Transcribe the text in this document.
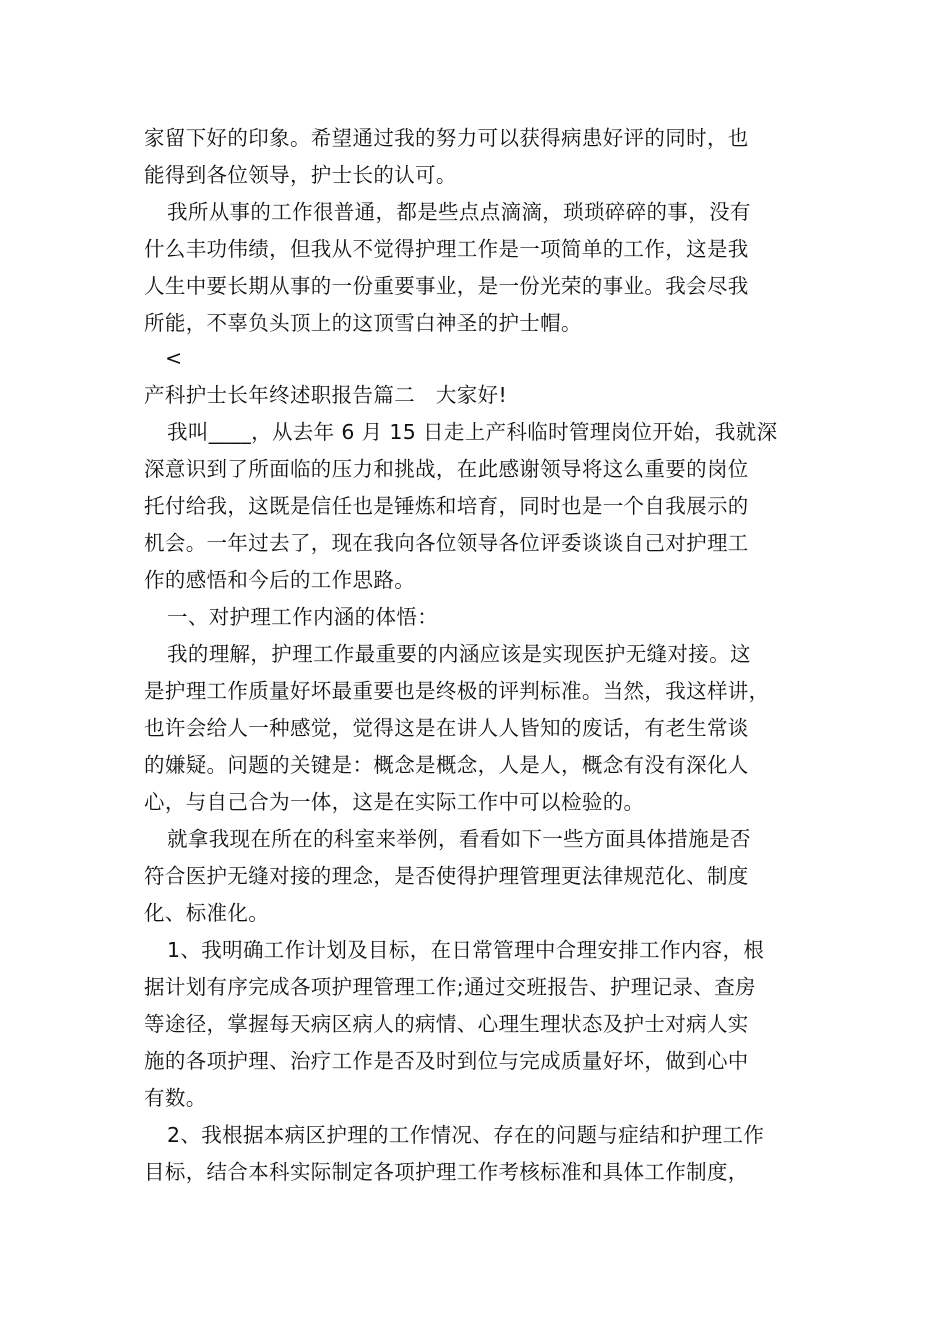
家留下好的印象。希望通过我的努力可以获得病患好评的同时，也
能得到各位领导，护士长的认可。
我所从事的工作很普通，都是些点点滴滴，琐琐碎碎的事，没有
什么丰功伟绩，但我从不觉得护理工作是一项简单的工作，这是我
人生中要长期从事的一份重要事业，是一份光荣的事业。我会尽我
所能，不辜负头顶上的这顶雪白神圣的护士帽。
<
产科护士长年终述职报告篇二　大家好!
我叫____，从去年 6 月 15 日走上产科临时管理岗位开始，我就深
深意识到了所面临的压力和挑战，在此感谢领导将这么重要的岗位
托付给我，这既是信任也是锤炼和培育，同时也是一个自我展示的
机会。一年过去了，现在我向各位领导各位评委谈谈自己对护理工
作的感悟和今后的工作思路。
一、对护理工作内涵的体悟：
我的理解，护理工作最重要的内涵应该是实现医护无缝对接。这
是护理工作质量好坏最重要也是终极的评判标准。当然，我这样讲，
也许会给人一种感觉，觉得这是在讲人人皆知的废话，有老生常谈
的嫌疑。问题的关键是：概念是概念，人是人，概念有没有深化人
心，与自己合为一体，这是在实际工作中可以检验的。
就拿我现在所在的科室来举例，看看如下一些方面具体措施是否
符合医护无缝对接的理念，是否使得护理管理更法律规范化、制度
化、标准化。
1、我明确工作计划及目标，在日常管理中合理安排工作内容，根
据计划有序完成各项护理管理工作;通过交班报告、护理记录、查房
等途径，掌握每天病区病人的病情、心理生理状态及护士对病人实
施的各项护理、治疗工作是否及时到位与完成质量好坏，做到心中
有数。
2、我根据本病区护理的工作情况、存在的问题与症结和护理工作
目标，结合本科实际制定各项护理工作考核标准和具体工作制度，
